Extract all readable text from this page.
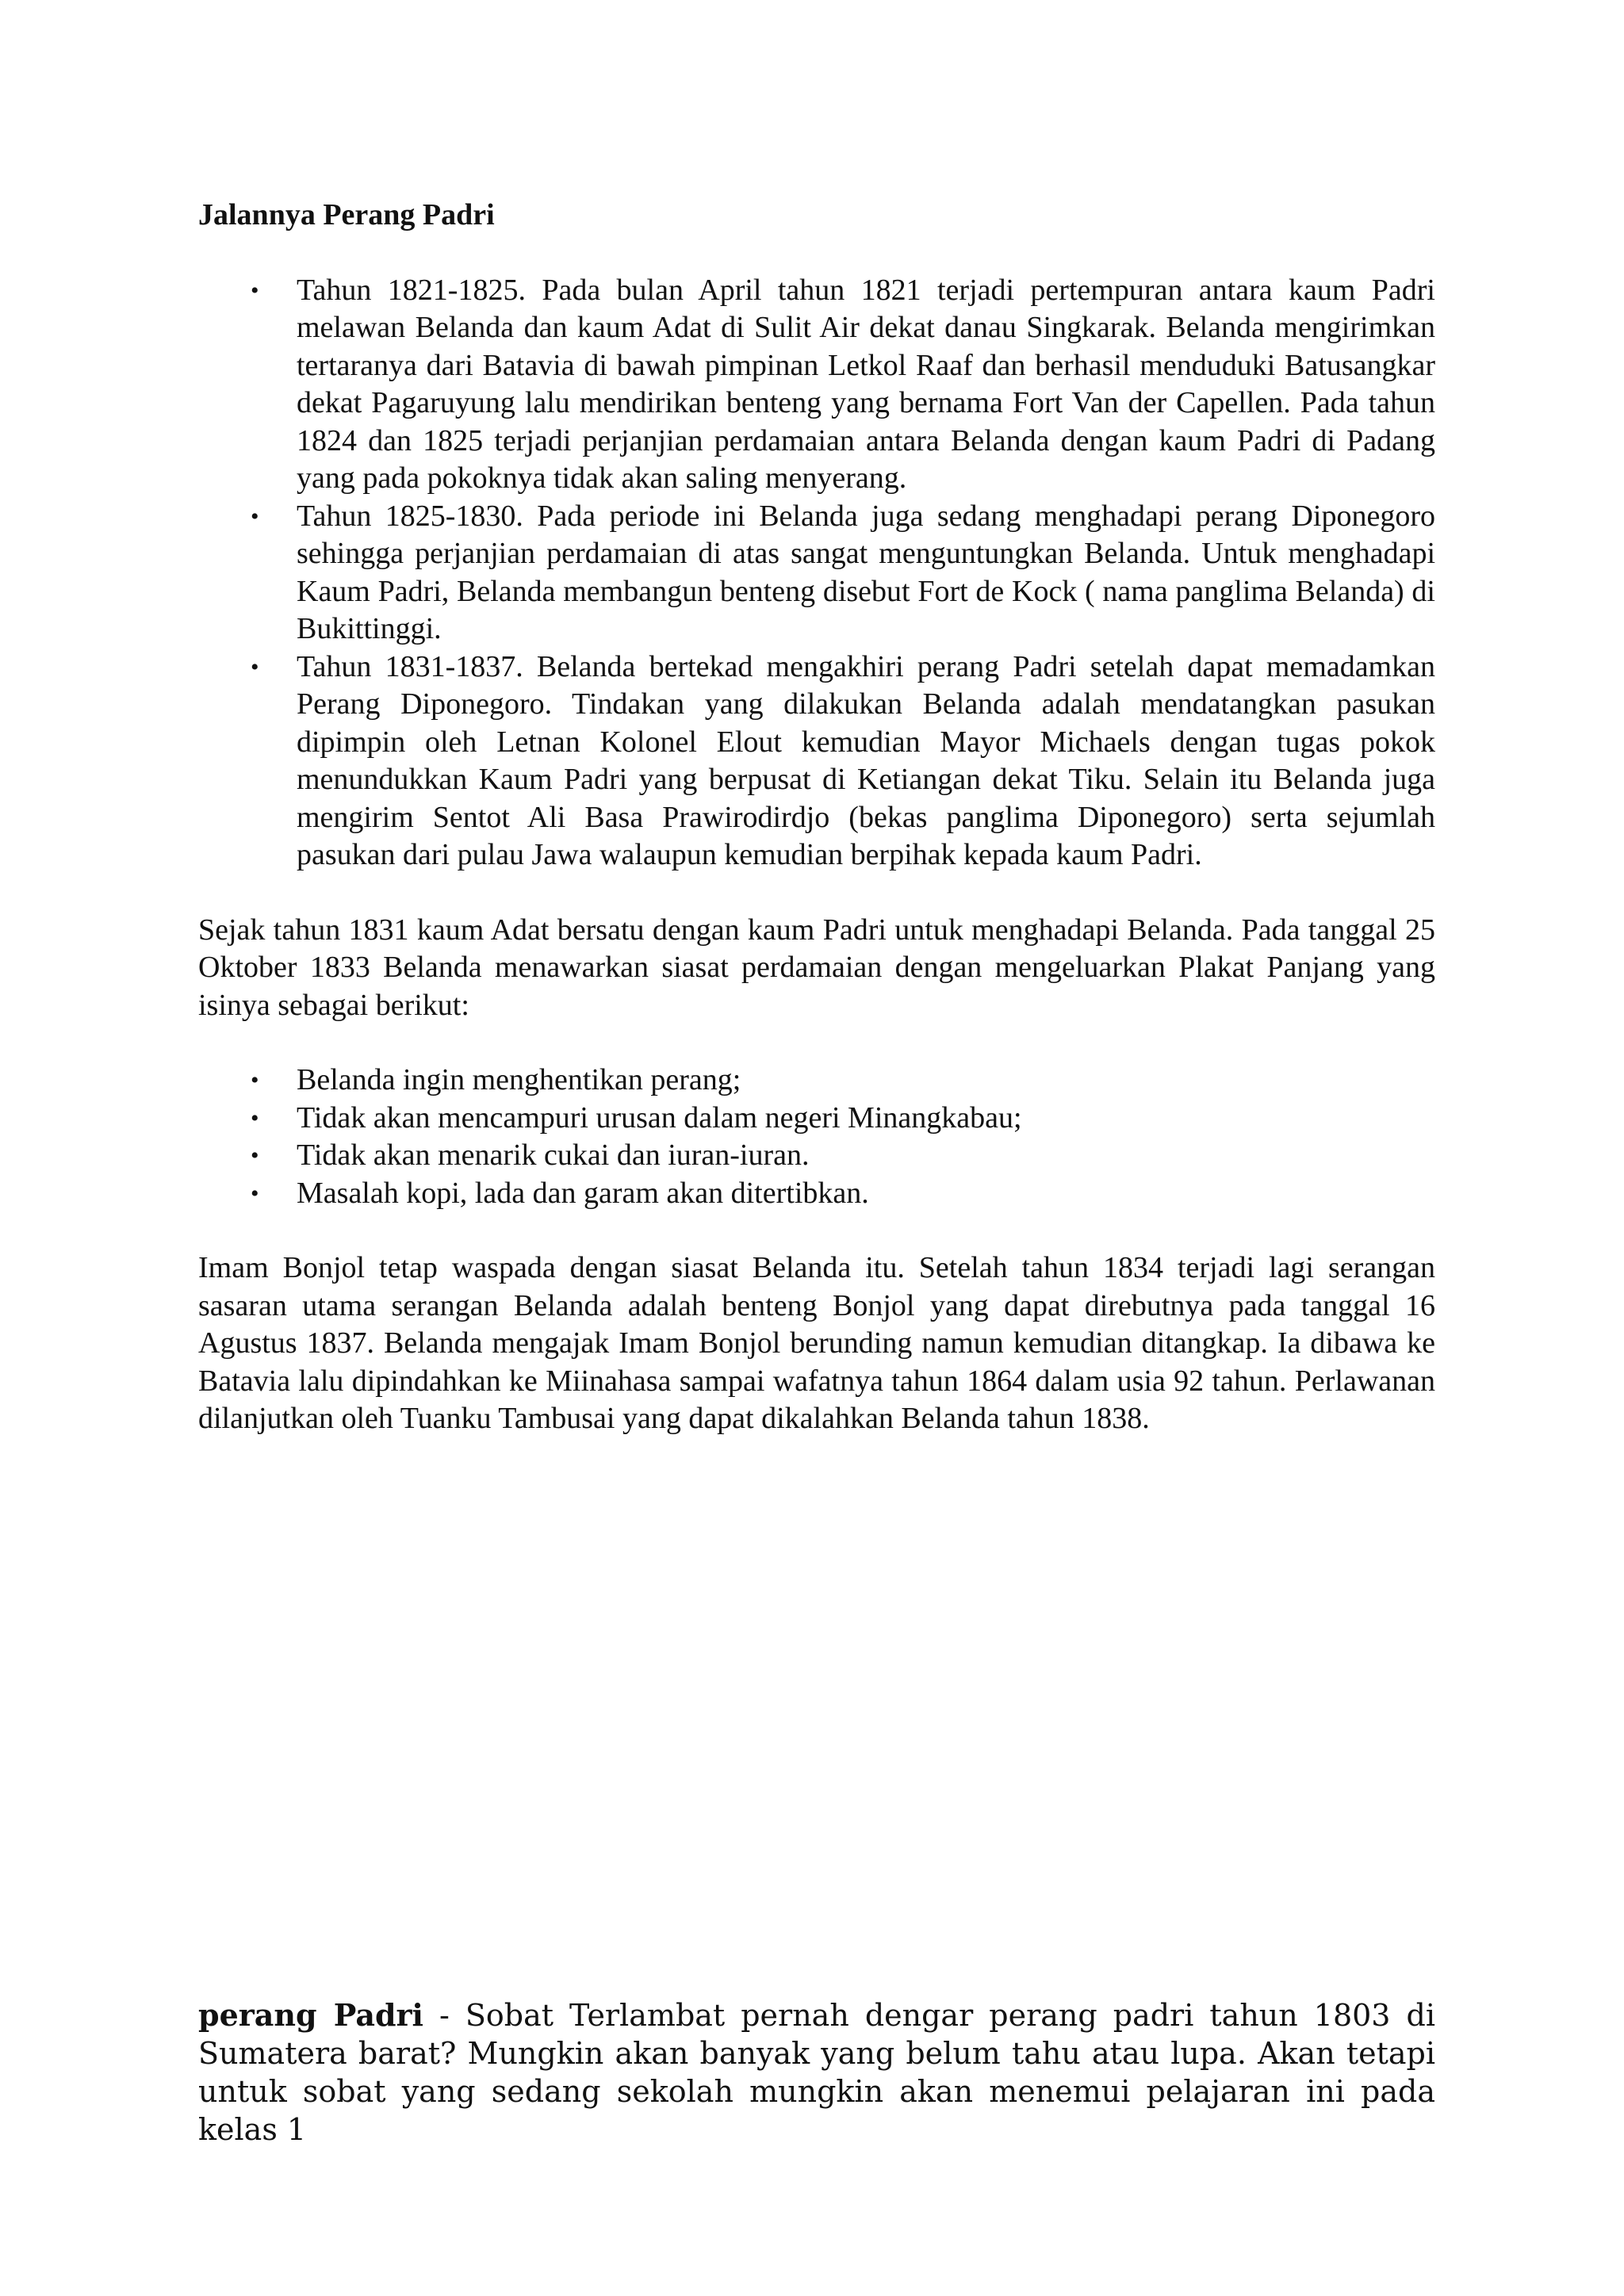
Jalannya Perang Padri
• Tahun 1821-1825. Pada bulan April tahun 1821 terjadi pertempuran antara kaum Padri melawan Belanda dan kaum Adat di Sulit Air dekat danau Singkarak. Belanda mengirimkan tertaranya dari Batavia di bawah pimpinan Letkol Raaf dan berhasil menduduki Batusangkar dekat Pagaruyung lalu mendirikan benteng yang bernama Fort Van der Capellen. Pada tahun 1824 dan 1825 terjadi perjanjian perdamaian antara Belanda dengan kaum Padri di Padang yang pada pokoknya tidak akan saling menyerang.
• Tahun 1825-1830. Pada periode ini Belanda juga sedang menghadapi perang Diponegoro sehingga perjanjian perdamaian di atas sangat menguntungkan Belanda. Untuk menghadapi Kaum Padri, Belanda membangun benteng disebut Fort de Kock ( nama panglima Belanda) di Bukittinggi.
• Tahun 1831-1837. Belanda bertekad mengakhiri perang Padri setelah dapat memadamkan Perang Diponegoro. Tindakan yang dilakukan Belanda adalah mendatangkan pasukan dipimpin oleh Letnan Kolonel Elout kemudian Mayor Michaels dengan tugas pokok menundukkan Kaum Padri yang berpusat di Ketiangan dekat Tiku. Selain itu Belanda juga mengirim Sentot Ali Basa Prawirodirdjo (bekas panglima Diponegoro) serta sejumlah pasukan dari pulau Jawa walaupun kemudian berpihak kepada kaum Padri.

Sejak tahun 1831 kaum Adat bersatu dengan kaum Padri untuk menghadapi Belanda. Pada tanggal 25 Oktober 1833 Belanda menawarkan siasat perdamaian dengan mengeluarkan Plakat Panjang yang isinya sebagai berikut:

• Belanda ingin menghentikan perang;
• Tidak akan mencampuri urusan dalam negeri Minangkabau;
• Tidak akan menarik cukai dan iuran-iuran.
• Masalah kopi, lada dan garam akan ditertibkan.

Imam Bonjol tetap waspada dengan siasat Belanda itu. Setelah tahun 1834 terjadi lagi serangan sasaran utama serangan Belanda adalah benteng Bonjol yang dapat direbutnya pada tanggal 16 Agustus 1837. Belanda mengajak Imam Bonjol berunding namun kemudian ditangkap. Ia dibawa ke Batavia lalu dipindahkan ke Miinahasa sampai wafatnya tahun 1864 dalam usia 92 tahun. Perlawanan dilanjutkan oleh Tuanku Tambusai yang dapat dikalahkan Belanda tahun 1838.

perang Padri - Sobat Terlambat pernah dengar perang padri tahun 1803 di Sumatera barat? Mungkin akan banyak yang belum tahu atau lupa. Akan tetapi untuk sobat yang sedang sekolah mungkin akan menemui pelajaran ini pada kelas 1
